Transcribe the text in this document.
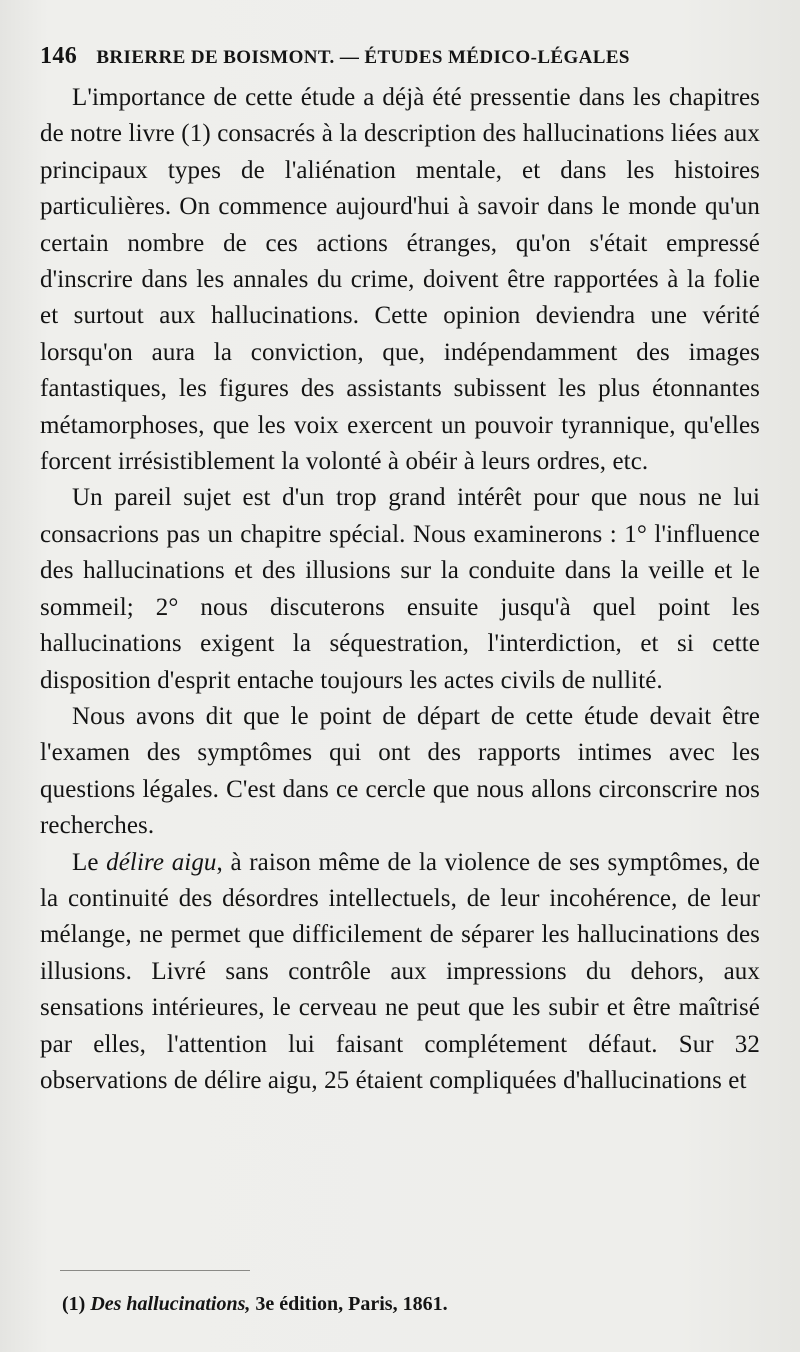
146 BRIERRE DE BOISMONT. — ÉTUDES MÉDICO-LÉGALES

L'importance de cette étude a déjà été pressentie dans les chapitres de notre livre (1) consacrés à la description des hallucinations liées aux principaux types de l'aliénation mentale, et dans les histoires particulières. On commence aujourd'hui à savoir dans le monde qu'un certain nombre de ces actions étranges, qu'on s'était empressé d'inscrire dans les annales du crime, doivent être rapportées à la folie et surtout aux hallucinations. Cette opinion deviendra une vérité lorsqu'on aura la conviction, que, indépendamment des images fantastiques, les figures des assistants subissent les plus étonnantes métamorphoses, que les voix exercent un pouvoir tyrannique, qu'elles forcent irrésistiblement la volonté à obéir à leurs ordres, etc.

Un pareil sujet est d'un trop grand intérêt pour que nous ne lui consacrions pas un chapitre spécial. Nous examinerons : 1° l'influence des hallucinations et des illusions sur la conduite dans la veille et le sommeil; 2° nous discuterons ensuite jusqu'à quel point les hallucinations exigent la séquestration, l'interdiction, et si cette disposition d'esprit entache toujours les actes civils de nullité.

Nous avons dit que le point de départ de cette étude devait être l'examen des symptômes qui ont des rapports intimes avec les questions légales. C'est dans ce cercle que nous allons circonscrire nos recherches.

Le délire aigu, à raison même de la violence de ses symptômes, de la continuité des désordres intellectuels, de leur incohérence, de leur mélange, ne permet que difficilement de séparer les hallucinations des illusions. Livré sans contrôle aux impressions du dehors, aux sensations intérieures, le cerveau ne peut que les subir et être maîtrisé par elles, l'attention lui faisant complétement défaut. Sur 32 observations de délire aigu, 25 étaient compliquées d'hallucinations et

(1) Des hallucinations, 3e édition, Paris, 1861.
